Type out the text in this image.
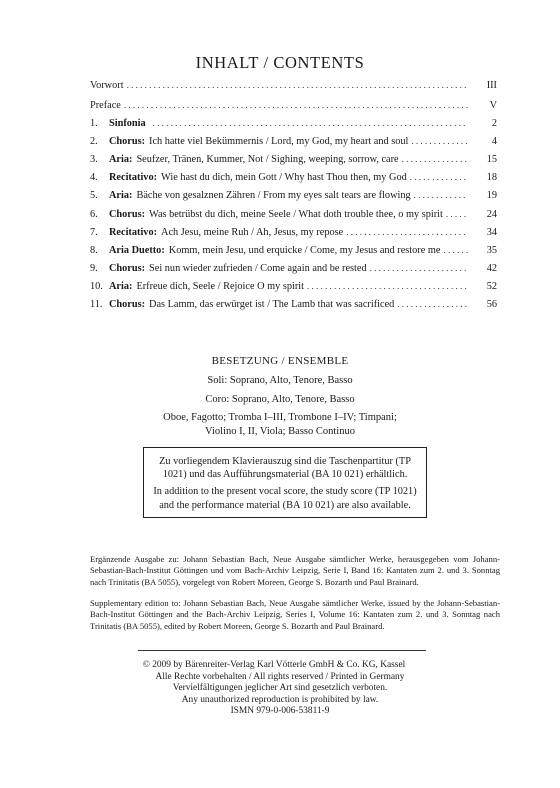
INHALT / CONTENTS
Vorwort . . .	III
Preface . . .	V
1.	Sinfonia . . .	2
2.	Chorus: Ich hatte viel Bekümmernis / Lord, my God, my heart and soul . . .	4
3.	Aria: Seufzer, Tränen, Kummer, Not / Sighing, weeping, sorrow, care . . .	15
4.	Recitativo: Wie hast du dich, mein Gott / Why hast Thou then, my God . . .	18
5.	Aria: Bäche von gesalznen Zähren / From my eyes salt tears are flowing . . .	19
6.	Chorus: Was betrübst du dich, meine Seele / What doth trouble thee, o my spirit . . .	24
7.	Recitativo: Ach Jesu, meine Ruh / Ah, Jesus, my repose . . .	34
8.	Aria Duetto: Komm, mein Jesu, und erquicke / Come, my Jesus and restore me . . .	35
9.	Chorus: Sei nun wieder zufrieden / Come again and be rested . . .	42
10. Aria: Erfreue dich, Seele / Rejoice O my spirit . . .	52
11. Chorus: Das Lamm, das erwürget ist / The Lamb that was sacrificed . . .	56
BESETZUNG / ENSEMBLE
Soli: Soprano, Alto, Tenore, Basso
Coro: Soprano, Alto, Tenore, Basso
Oboe, Fagotto; Tromba I–III, Trombone I–IV; Timpani;
Violino I, II, Viola; Basso Continuo

Zu vorliegendem Klavierauszug sind die Taschenpartitur (TP 1021) und das Aufführungsmaterial (BA 10 021) erhältlich.

In addition to the present vocal score, the study score (TP 1021) and the performance material (BA 10 021) are also available.

Ergänzende Ausgabe zu: Johann Sebastian Bach, Neue Ausgabe sämtlicher Werke, herausgegeben vom Johann-Sebastian-Bach-Institut Göttingen und vom Bach-Archiv Leipzig, Serie I, Band 16: Kantaten zum 2. und 3. Sonntag nach Trinitatis (BA 5055), vorgelegt von Robert Moreen, George S. Bozarth und Paul Brainard.

Supplementary edition to: Johann Sebastian Bach, Neue Ausgabe sämtlicher Werke, issued by the Johann-Sebastian-Bach-Institut Göttingen and the Bach-Archiv Leipzig, Series I, Volume 16: Kantaten zum 2. und 3. Sonntag nach Trinitatis (BA 5055), edited by Robert Moreen, George S. Bozarth and Paul Brainard.

© 2009 by Bärenreiter-Verlag Karl Vötterle GmbH & Co. KG, Kassel
Alle Rechte vorbehalten / All rights reserved / Printed in Germany
Vervielfältigungen jeglicher Art sind gesetzlich verboten.
Any unauthorized reproduction is prohibited by law.
ISMN 979-0-006-53811-9
